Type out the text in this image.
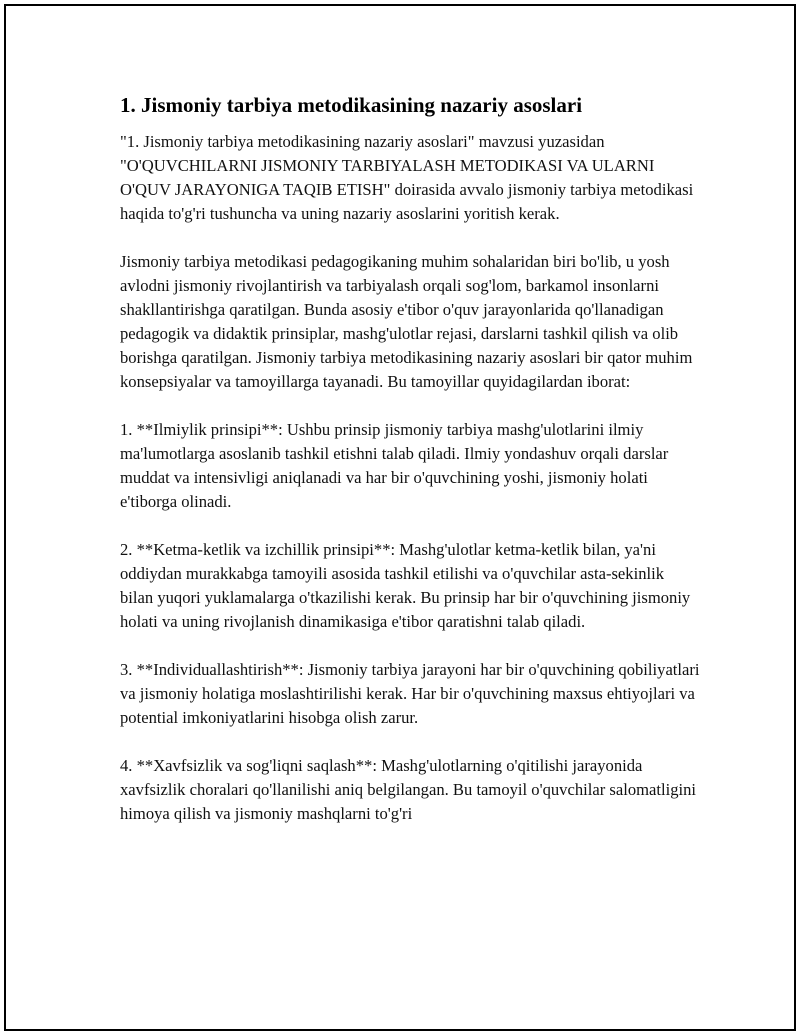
1. Jismoniy tarbiya metodikasining nazariy asoslari

"1. Jismoniy tarbiya metodikasining nazariy asoslari" mavzusi yuzasidan "O'QUVCHILARNI JISMONIY TARBIYALASH METODIKASI VA ULARNI O'QUV JARAYONIGA TAQIB ETISH" doirasida avvalo jismoniy tarbiya metodikasi haqida to'g'ri tushuncha va uning nazariy asoslarini yoritish kerak.

Jismoniy tarbiya metodikasi pedagogikaning muhim sohalaridan biri bo'lib, u yosh avlodni jismoniy rivojlantirish va tarbiyalash orqali sog'lom, barkamol insonlarni shakllantirishga qaratilgan. Bunda asosiy e'tibor o'quv jarayonlarida qo'llanadigan pedagogik va didaktik prinsiplar, mashg'ulotlar rejasi, darslarni tashkil qilish va olib borishga qaratilgan. Jismoniy tarbiya metodikasining nazariy asoslari bir qator muhim konsepsiyalar va tamoyillarga tayanadi. Bu tamoyillar quyidagilardan iborat:

1. **Ilmiylik prinsipi**: Ushbu prinsip jismoniy tarbiya mashg'ulotlarini ilmiy ma'lumotlarga asoslanib tashkil etishni talab qiladi. Ilmiy yondashuv orqali darslar muddat va intensivligi aniqlanadi va har bir o'quvchining yoshi, jismoniy holati e'tiborga olinadi.

2. **Ketma-ketlik va izchillik prinsipi**: Mashg'ulotlar ketma-ketlik bilan, ya'ni oddiydan murakkabga tamoyili asosida tashkil etilishi va o'quvchilar asta-sekinlik bilan yuqori yuklamalarga o'tkazilishi kerak. Bu prinsip har bir o'quvchining jismoniy holati va uning rivojlanish dinamikasiga e'tibor qaratishni talab qiladi.

3. **Individuallashtirish**: Jismoniy tarbiya jarayoni har bir o'quvchining qobiliyatlari va jismoniy holatiga moslashtirilishi kerak. Har bir o'quvchining maxsus ehtiyojlari va potential imkoniyatlarini hisobga olish zarur.

4. **Xavfsizlik va sog'liqni saqlash**: Mashg'ulotlarning o'qitilishi jarayonida xavfsizlik choralari qo'llanilishi aniq belgilangan. Bu tamoyil o'quvchilar salomatligini himoya qilish va jismoniy mashqlarni to'g'ri
